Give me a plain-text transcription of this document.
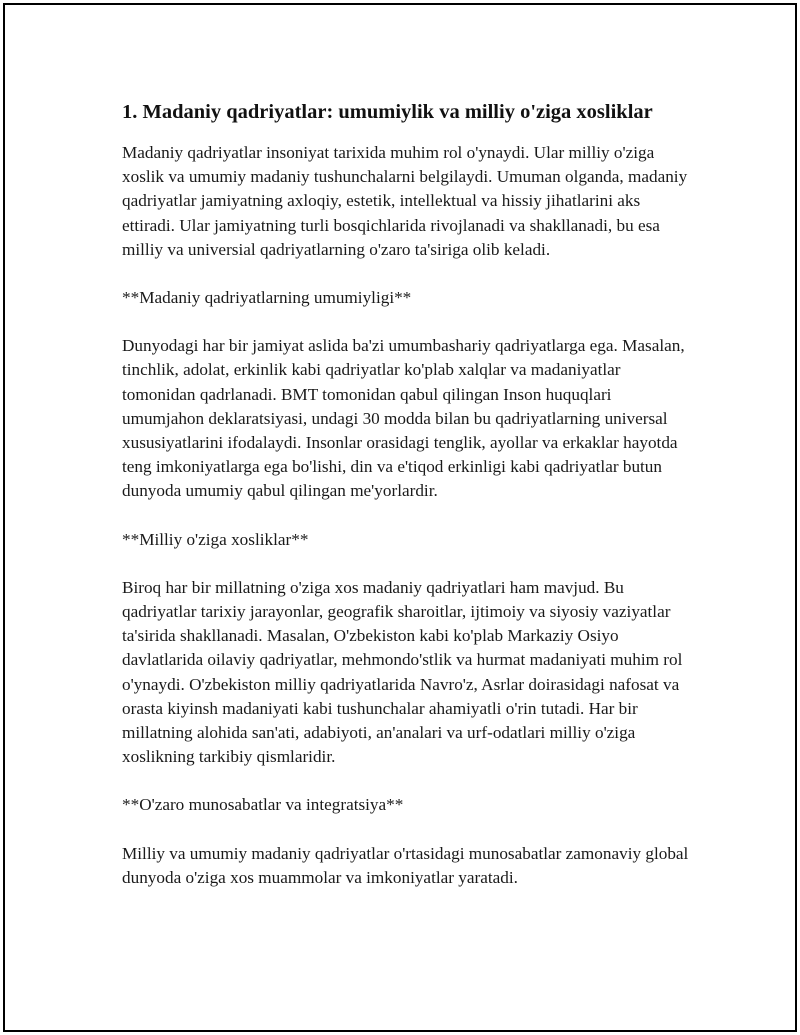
1. Madaniy qadriyatlar: umumiylik va milliy o'ziga xosliklar

Madaniy qadriyatlar insoniyat tarixida muhim rol o'ynaydi. Ular milliy o'ziga xoslik va umumiy madaniy tushunchalarni belgilaydi. Umuman olganda, madaniy qadriyatlar jamiyatning axloqiy, estetik, intellektual va hissiy jihatlarini aks ettiradi. Ular jamiyatning turli bosqichlarida rivojlanadi va shakllanadi, bu esa milliy va universial qadriyatlarning o'zaro ta'siriga olib keladi.

**Madaniy qadriyatlarning umumiyligi**

Dunyodagi har bir jamiyat aslida ba'zi umumbashariy qadriyatlarga ega. Masalan, tinchlik, adolat, erkinlik kabi qadriyatlar ko'plab xalqlar va madaniyatlar tomonidan qadrlanadi. BMT tomonidan qabul qilingan Inson huquqlari umumjahon deklaratsiyasi, undagi 30 modda bilan bu qadriyatlarning universal xususiyatlarini ifodalaydi. Insonlar orasidagi tenglik, ayollar va erkaklar hayotda teng imkoniyatlarga ega bo'lishi, din va e'tiqod erkinligi kabi qadriyatlar butun dunyoda umumiy qabul qilingan me'yorlardir.

**Milliy o'ziga xosliklar**

Biroq har bir millatning o'ziga xos madaniy qadriyatlari ham mavjud. Bu qadriyatlar tarixiy jarayonlar, geografik sharoitlar, ijtimoiy va siyosiy vaziyatlar ta'sirida shakllanadi. Masalan, O'zbekiston kabi ko'plab Markaziy Osiyo davlatlarida oilaviy qadriyatlar, mehmondo'stlik va hurmat madaniyati muhim rol o'ynaydi. O'zbekiston milliy qadriyatlarida Navro'z, Asrlar doirasidagi nafosat va orasta kiyinsh madaniyati kabi tushunchalar ahamiyatli o'rin tutadi. Har bir millatning alohida san'ati, adabiyoti, an'analari va urf-odatlari milliy o'ziga xoslikning tarkibiy qismlaridir.

**O'zaro munosabatlar va integratsiya**

Milliy va umumiy madaniy qadriyatlar o'rtasidagi munosabatlar zamonaviy global dunyoda o'ziga xos muammolar va imkoniyatlar yaratadi.
